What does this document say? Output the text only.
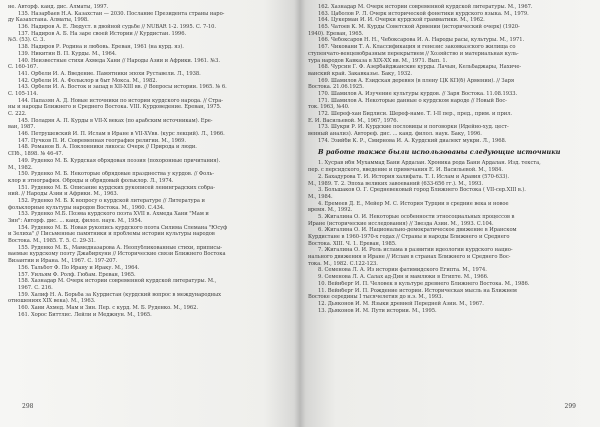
не. Авторф. канд. дис. Алматы, 1997.
135. Назарбаев Н.А. Казахстан — 2030. Послание Президента страны наро-
ду Казахстана. Алматы, 1998.
136. Надиров А. Е. Людуст. в двойной судьбе // NUBAR 1-2. 1995. С. 7-10.
137. Надиров А. Б. На заре своей Истории // Курдистан. 1996.
№5. (53). С. 3.
138. Надиров Р. Родина и любовь. Ереван, 1961 (на курд. яз).
139. Никитин В. П. Курды. М., 1964.
140. Неизвестные стихи Ахмеда Хани // Народы Азии и Африки. 1961. №3.
С. 160-167.
141. Орбели И. А. Введение. Памятники эпохи Руставели. Л., 1938.
142. Орбели И. А. Фольклор и быт Моксa. М., 1982.
143. Орбели И. А. Восток и запад в XII-XIII вв. // Вопросы истории. 1965. № 6.
С. 105-114.
144. Папазян А. Д. Новые источники по истории курдского народа. // Стра-
ны и народы Ближнего и Среднего Востока. VIII. Курдоведение. Ереван, 1975.
С. 222.
145. Поладян А. П. Курды в VII-X веках (по арабским источникам). Ере-
ван, 1987.
146. Петрушевский И. П. Ислам в Иране в VII-XVвв. (курс лекций). Л., 1966.
147. Пучков П. И. Современная география религии. М., 1969.
148. Романов В. А. Поклонники ликоса: Очерк // Природа и люди.
СПб., 1898. № 46-47.
149. Руденко М. Б. Курдская обрядовая поэзия (похоронные причитания).
М., 1982.
150. Руденко М. Б. Некоторые обрядовые празднества у курдов. // Фоль-
клор и этнография. Обряды и обрядовый фольклор. Л., 1974.
151. Руденко М. Б. Описание курдских рукописей ленинградских собра-
ний. // Народы Азии и Африки. М., 1963.
152. Руденко М. Б. К вопросу о курдской литературе // Литература и
фольклорные культуры народов Востока. М., 1960. С.434.
153. Руденко М.Б. Поэма курдского поэта XVII в. Ахмеда Хани "Мам и
Зин": Авторф. дис. ... канд. филол. наук. М., 1954.
154. Руденко М. Б. Новая рукопись курдского поэта Силима Слемана "Юсуф
и Зелиха" // Письменные памятники и проблемы истории культуры народов
Востока. М., 1985. Т. 5. С. 29-31.
155. Руденко М. Б., Мамедназарова А. Неопубликованные стихи, приписы-
ваемые курдскому поэту Джабирхуни // Исторические связи Ближнего Востока
Византии и Ирана. М., 1967. С. 197-207.
156. Тальбот Ф. По Ирану и Ираку. М., 1964.
157. Уильям Ф. Ролф. Гюбам. Ереван, 1965.
158. Хазнадар М. Очерк истории современной курдской литературы. М.,
1967. С. 216.
159. Халиф Н. А. Борьба за Курдистан (курдский вопрос в международных
отношениях XIX века). М., 1963.
160. Хани Ахмед. Мам и Зин. Пер. с курд. М. Б. Руденко. М., 1962.
161. Хорос Биттлис. Лейли и Меджнун. М., 1965.
298
162. Хазнадар М. Очерк истории современной курдской литературы. М., 1967.
163. Цаболов Р. Л. Очерк исторической фонетики курдского языка. М., 1979.
164. Цукерман И. И. Очерки курдской грамматики. М., 1962.
165. Чатоев К. М. Курды Советской Армении (исторический очерк) (1920-
1940). Ереван, 1965.
166. Чебоксаров Н. Н., Чебоксарова И. А. Народы расы, культуры. М., 1971.
167. Чиковани Т. А. Классификация и генезис заковказского жилища со
ступенчато-венцевобразным перекрытием // Хозяйство и материальная куль-
тура народов Кавказа в XIX-XX вв. М., 1971. Вып. 1.
168. Чурсин Г. Ф. Азербайджанские курды. Лачын, Кельбаджары, Нахиче-
ванский край. Закавказье. Баку, 1932.
169. Шамилов А. Езидская деревня (в плену ЦК КП(б) Армении). // Заря
Востока. 21.06.1925.
170. Шамилов А. Изучение культуры курдов. // Заря Востока. 11.08.1933.
171. Шамилов А. Некоторые данные о курдском народе // Новый Вос-
ток. 1963, №40.
172. Шереф-хан Бидлиси. Шереф-наме. Т. I-II пер., пред., прим. и прил.
Е. И. Васильевой. М., 1967, 1976.
173. Шукри Р. И. Курдские пословицы и поговорки (Идейно-худ. цест-
венный анализ). Автореф. дис. ... канд. филол. наук. Баку, 1996.
174. Эзийби К. Р., Смирнова И. А. Курдский диалект мукри. Л., 1968.
В работе также были использованы следующие источники
1. Хусрав ибн Мухаммад Бани Ардалан. Хроника рода Бани Ардалан. Изд. текста,
пер. с персидского, введение и примечания Е. И. Васильевой. М., 1984.
2. Бахадурова Т. И. История халифата. Т. I. Ислам и Аравия (570-633).
М., 1989. Т. 2. Эпоха великих завоеваний (633-656 гг.). М., 1993.
3. Большаков О. Г. Средневековый город Ближнего Востока ( VII-сер.XIII в.).
М., 1984.
4. Еремеев Д. Е., Мейер М. С. История Турции в средние века и новое
время. М., 1992.
5. Жигалина О. И. Некоторые особенности этносоциальных процессов в
Иране (исторические исследования) // Звезда Азии. М., 1993. С.104.
6. Жигалина О. И. Национально-демократическое движение в Иранском
Курдистане в 1960-1970-х годах // Страны и народы Ближнего и Среднего
Востока. XIII. Ч. 1. Ереван, 1985.
7. Жигалина О. И. Роль ислама в развитии идеологии курдского нацио-
нального движения в Иране // Ислам в странах Ближнего и Среднего Вос-
тока. М., 1982. С.122-123.
8. Семенова Л. А. Из истории фатимидского Египта. М., 1974.
9. Семенова Л. А. Салах ад-Дин и мамлюки в Египте. М., 1966.
10. Вейнберг И. П. Человек в культуре древнего Ближнего Востока. М., 1986.
11. Вейнберг И. П. Рождение истории. Историческая мысль на Ближнем
Востоке середины I тысячелетия до н.э. М., 1993.
12. Дьяконов И. М. Языки древней Передней Азии. М., 1967.
13. Дьяконов И. М. Пути истории. М., 1995.
299
